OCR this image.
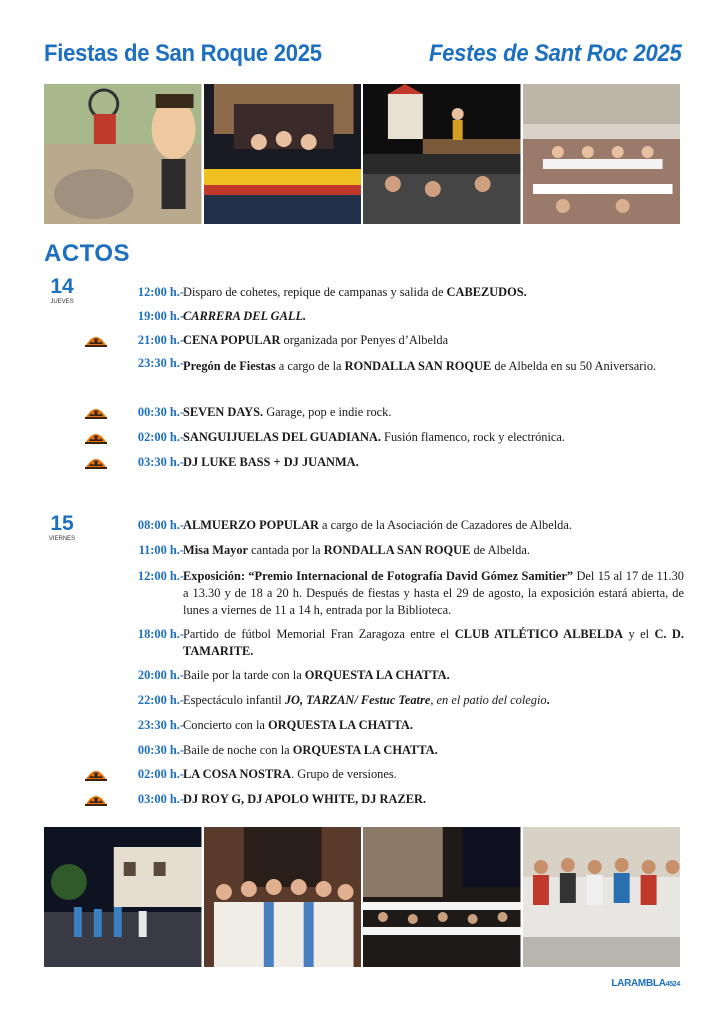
Fiestas de San Roque 2025	Festes de Sant Roc 2025
ACTOS
14
JUEVES
12:00 h.- Disparo de cohetes, repique de campanas y salida de CABEZUDOS.
19:00 h.- CARRERA DEL GALL.
21:00 h.- CENA POPULAR organizada por Penyes d’Albelda
23:30 h.- Pregón de Fiestas a cargo de la RONDALLA SAN ROQUE de Albelda en su 50 Aniversario.
00:30 h.- SEVEN DAYS. Garage, pop e indie rock.
02:00 h.- SANGUIJUELAS DEL GUADIANA. Fusión flamenco, rock y electrónica.
03:30 h.- DJ LUKE BASS + DJ JUANMA.
15
VIERNES
08:00 h.- ALMUERZO POPULAR a cargo de la Asociación de Cazadores de Albelda.
11:00 h.- Misa Mayor cantada por la RONDALLA SAN ROQUE de Albelda.
12:00 h.- Exposición: “Premio Internacional de Fotografía David Gómez Samitier” Del 15 al 17 de 11.30 a 13.30 y de 18 a 20 h. Después de fiestas y hasta el 29 de agosto, la exposición estará abierta, de lunes a viernes de 11 a 14 h, entrada por la Biblioteca.
18:00 h.- Partido de fútbol Memorial Fran Zaragoza entre el CLUB ATLÉTICO ALBELDA y el C. D. TAMARITE.
20:00 h.- Baile por la tarde con la ORQUESTA LA CHATTA.
22:00 h.- Espectáculo infantil JO, TARZAN/ Festuc Teatre, en el patio del colegio.
23:30 h.- Concierto con la ORQUESTA LA CHATTA.
00:30 h.- Baile de noche con la ORQUESTA LA CHATTA.
02:00 h.- LA COSA NOSTRA. Grupo de versiones.
03:00 h.- DJ ROY G, DJ APOLO WHITE, DJ RAZER.
LARAMBLA4524
